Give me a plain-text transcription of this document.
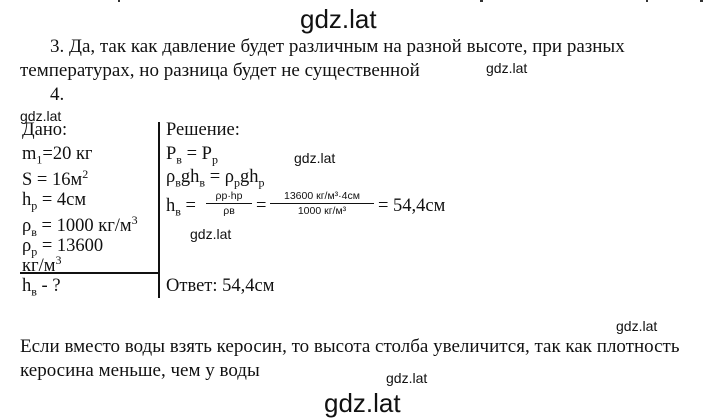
gdz.lat
gdz.lat
gdz.lat
gdz.lat
gdz.lat
gdz.lat
gdz.lat
gdz.lat
3. Да, так как давление будет различным на разной высоте, при разных
температурах, но разница будет не существенной
4.
Дано:
$m_1=20$ кг
$S = 16м^2$
$h_р = 4см$
$\rho_в = 1000$ $кг/м^3$
$\rho_р = 13600$
$кг/м^3$
$h_в$ - ?
Решение:
$P_в = P_р$
$\rho_вgh_в = \rho_рgh_р$
$h_в$ =	ρр·hр
ρв	=	13600 кг/м³·4см
1000 кг/м³	= 54,4см
Ответ: 54,4см
Если вместо воды взять керосин, то высота столба увеличится, так как плотность
керосина меньше, чем у воды
